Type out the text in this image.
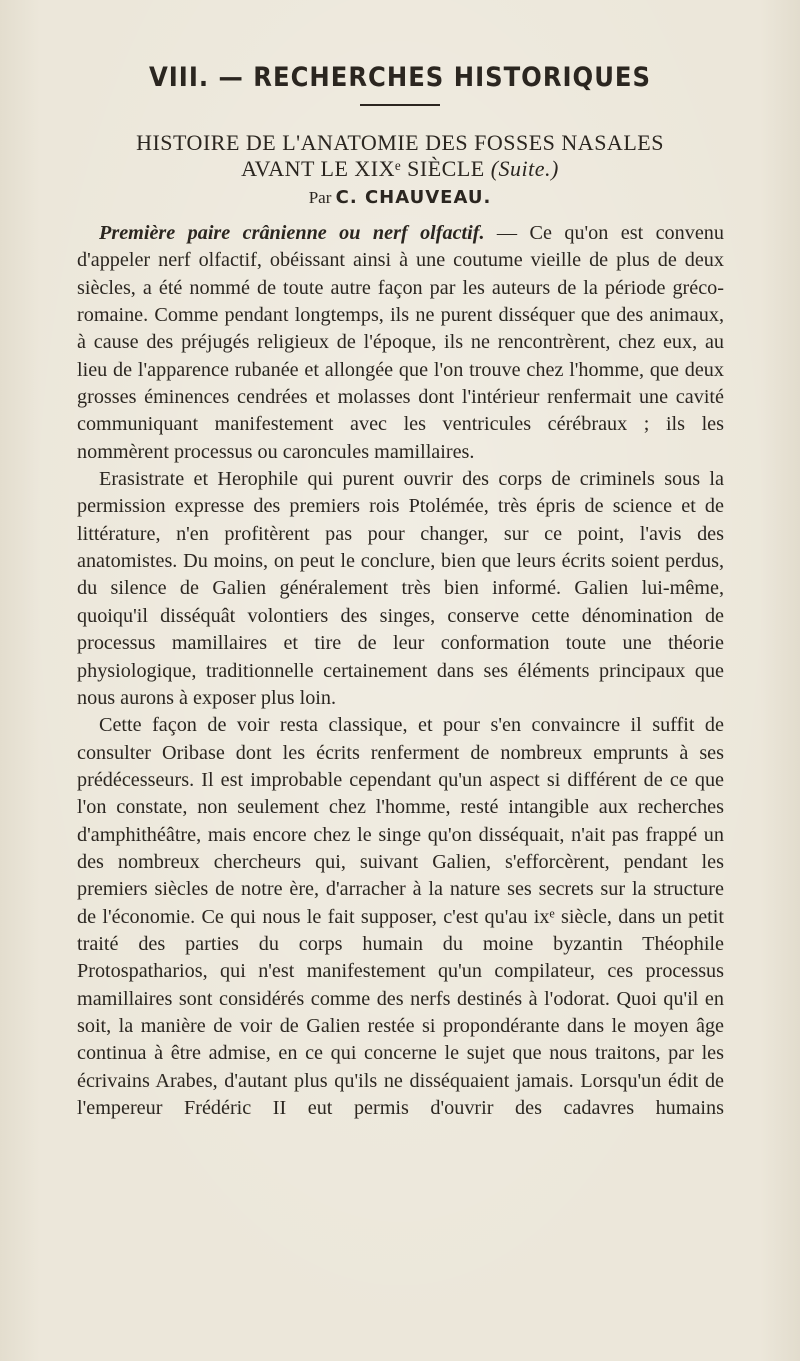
VIII. — RECHERCHES HISTORIQUES
HISTOIRE DE L'ANATOMIE DES FOSSES NASALES
AVANT LE XIXᵉ SIÈCLE (Suite.)
Par C. CHAUVEAU.

Première paire crânienne ou nerf olfactif. — Ce qu'on est convenu d'appeler nerf olfactif, obéissant ainsi à une coutume vieille de plus de deux siècles, a été nommé de toute autre façon par les auteurs de la période gréco-romaine. Comme pendant longtemps, ils ne purent disséquer que des animaux, à cause des préjugés religieux de l'époque, ils ne rencontrèrent, chez eux, au lieu de l'apparence rubanée et allongée que l'on trouve chez l'homme, que deux grosses éminences cendrées et molasses dont l'intérieur renfermait une cavité communiquant manifestement avec les ventricules cérébraux ; ils les nommèrent processus ou caroncules mamillaires.

Erasistrate et Herophile qui purent ouvrir des corps de criminels sous la permission expresse des premiers rois Ptolémée, très épris de science et de littérature, n'en profitèrent pas pour changer, sur ce point, l'avis des anatomistes. Du moins, on peut le conclure, bien que leurs écrits soient perdus, du silence de Galien généralement très bien informé. Galien lui-même, quoiqu'il disséquât volontiers des singes, conserve cette dénomination de processus mamillaires et tire de leur conformation toute une théorie physiologique, traditionnelle certainement dans ses éléments principaux que nous aurons à exposer plus loin.

Cette façon de voir resta classique, et pour s'en convaincre il suffit de consulter Oribase dont les écrits renferment de nombreux emprunts à ses prédécesseurs. Il est improbable cependant qu'un aspect si différent de ce que l'on constate, non seulement chez l'homme, resté intangible aux recherches d'amphithéâtre, mais encore chez le singe qu'on disséquait, n'ait pas frappé un des nombreux chercheurs qui, suivant Galien, s'efforcèrent, pendant les premiers siècles de notre ère, d'arracher à la nature ses secrets sur la structure de l'économie. Ce qui nous le fait supposer, c'est qu'au ixᵉ siècle, dans un petit traité des parties du corps humain du moine byzantin Théophile Protospatharios, qui n'est manifestement qu'un compilateur, ces processus mamillaires sont considérés comme des nerfs destinés à l'odorat. Quoi qu'il en soit, la manière de voir de Galien restée si propondérante dans le moyen âge continua à être admise, en ce qui concerne le sujet que nous traitons, par les écrivains Arabes, d'autant plus qu'ils ne disséquaient jamais. Lorsqu'un édit de l'empereur Frédéric II eut permis d'ouvrir des cadavres humains
